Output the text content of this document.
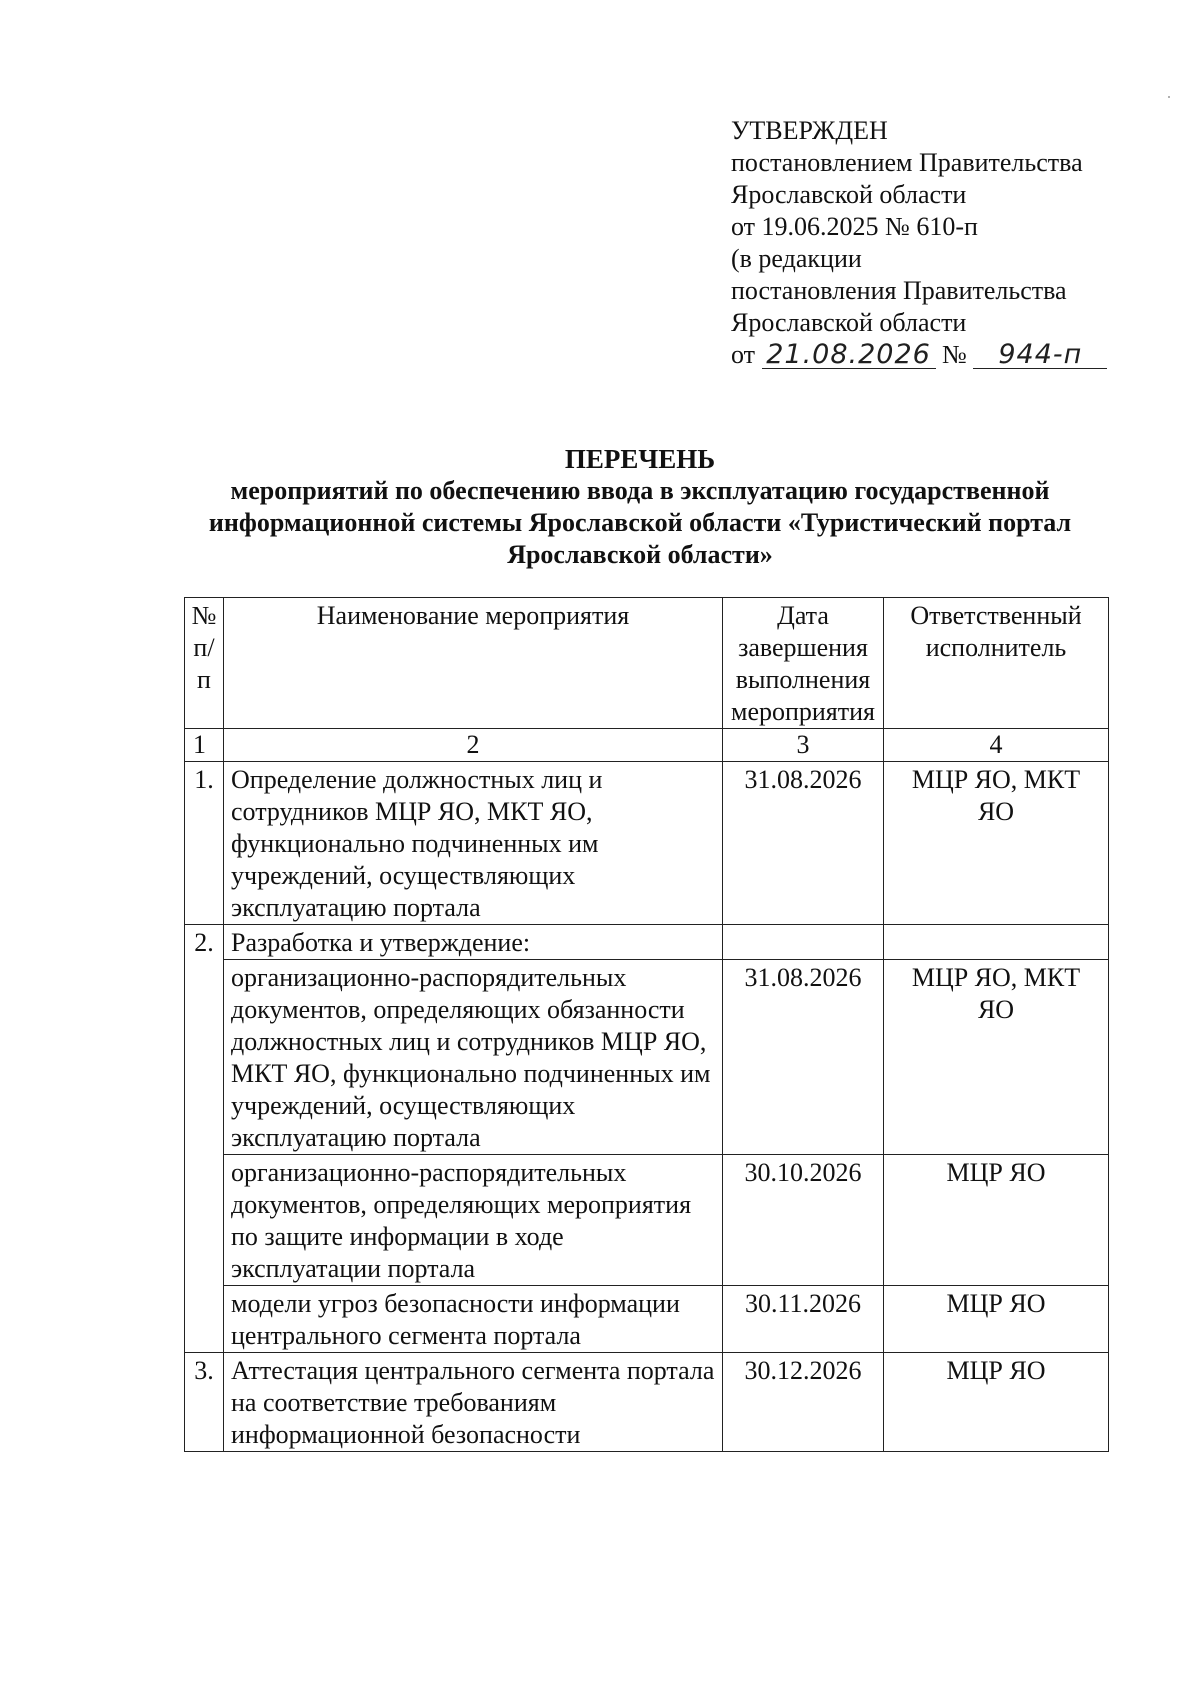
УТВЕРЖДЕН
постановлением Правительства
Ярославской области
от 19.06.2025 № 610-п
(в редакции
постановления Правительства
Ярославской области
от 21.08.2026 № 944-п
ПЕРЕЧЕНЬ
мероприятий по обеспечению ввода в эксплуатацию государственной
информационной системы Ярославской области «Туристический портал
Ярославской области»
№ п/п	Наименование мероприятия	Дата завершения выполнения мероприятия	Ответственный исполнитель
1	2	3	4
1.	Определение должностных лиц и сотрудников МЦР ЯО, МКТ ЯО, функционально подчиненных им учреждений, осуществляющих эксплуатацию портала	31.08.2026	МЦР ЯО, МКТ ЯО
2.	Разработка и утверждение:		
	организационно-распорядительных документов, определяющих обязанности должностных лиц и сотрудников МЦР ЯО, МКТ ЯО, функционально подчиненных им учреждений, осуществляющих эксплуатацию портала	31.08.2026	МЦР ЯО, МКТ ЯО
	организационно-распорядительных документов, определяющих мероприятия по защите информации в ходе эксплуатации портала	30.10.2026	МЦР ЯО
	модели угроз безопасности информации центрального сегмента портала	30.11.2026	МЦР ЯО
3.	Аттестация центрального сегмента портала на соответствие требованиям информационной безопасности	30.12.2026	МЦР ЯО
